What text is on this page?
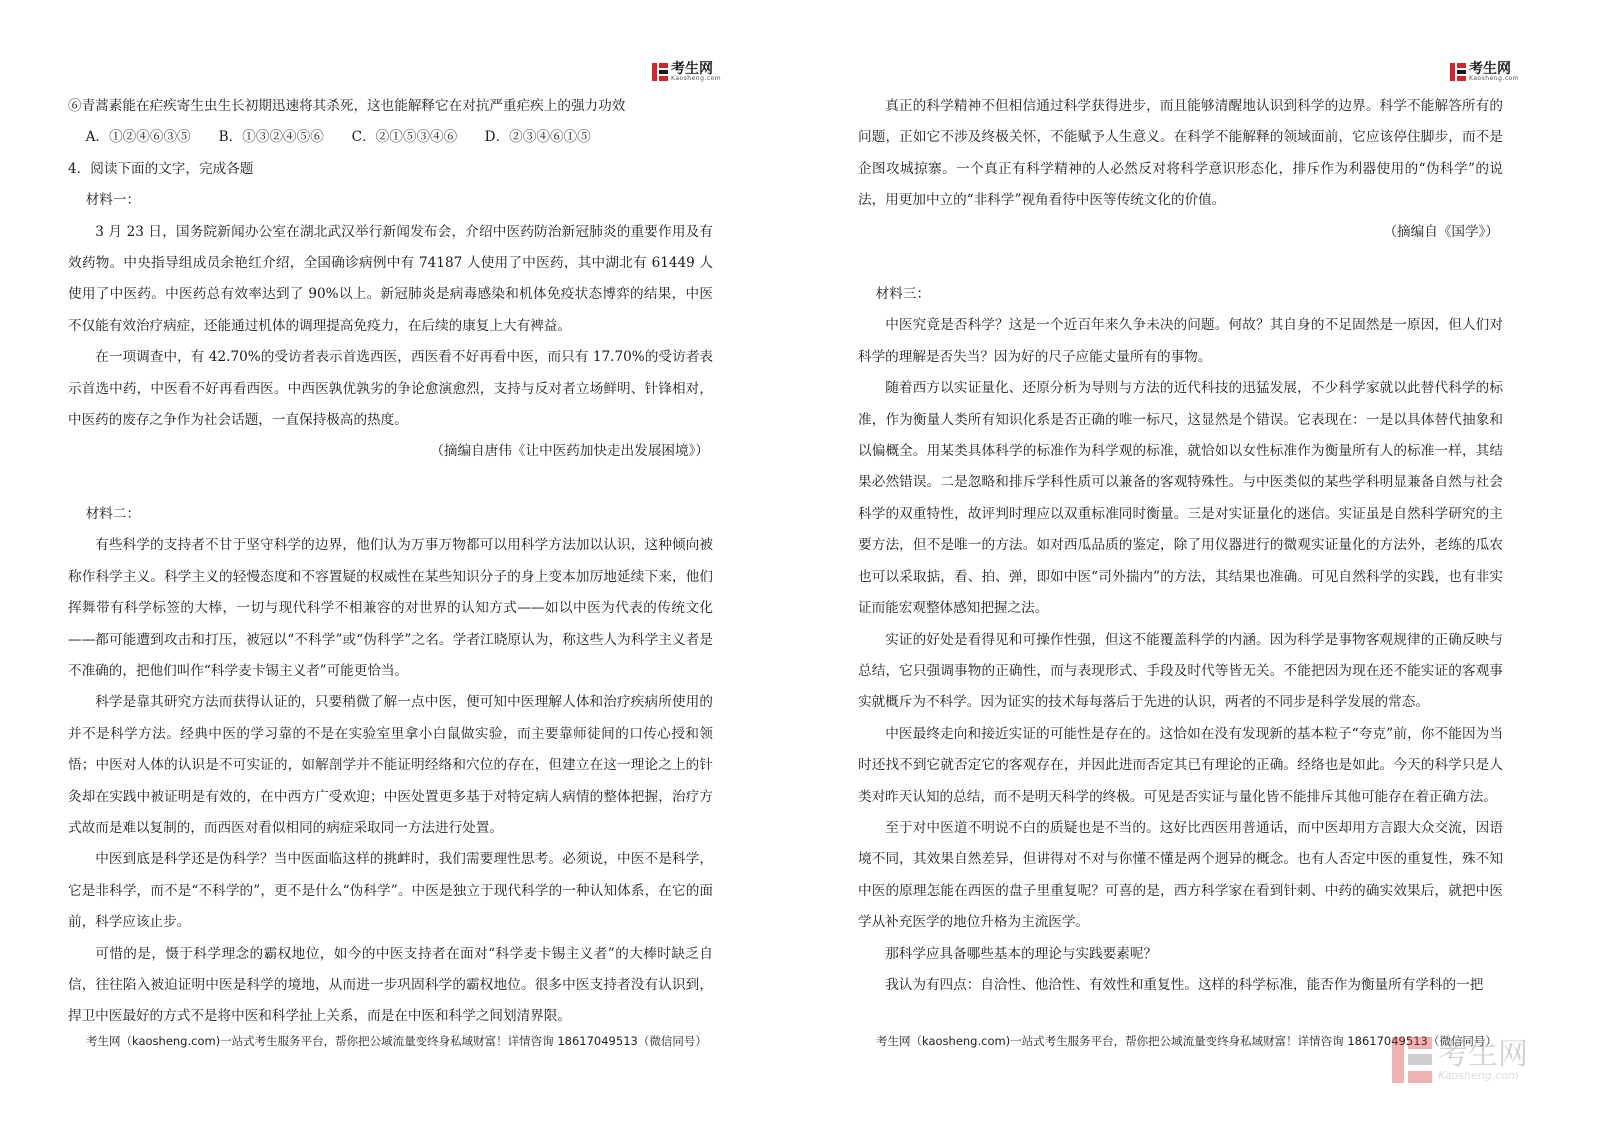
考生网
Kaosheng.com

⑥青蒿素能在疟疾寄生虫生长初期迅速将其杀死，这也能解释它在对抗严重疟疾上的强力功效

A．①②④⑥③⑤	B．①③②④⑤⑥	C．②①⑤③④⑥	D．②③④⑥①⑤

4．阅读下面的文字，完成各题

材料一：

3 月 23 日，国务院新闻办公室在湖北武汉举行新闻发布会，介绍中医药防治新冠肺炎的重要作用及有效药物。中央指导组成员余艳红介绍，全国确诊病例中有 74187 人使用了中医药，其中湖北有 61449 人使用了中医药。中医药总有效率达到了 90%以上。新冠肺炎是病毒感染和机体免疫状态博弈的结果，中医不仅能有效治疗病症，还能通过机体的调理提高免疫力，在后续的康复上大有裨益。

在一项调查中，有 42.70%的受访者表示首选西医，西医看不好再看中医，而只有 17.70%的受访者表示首选中药，中医看不好再看西医。中西医孰优孰劣的争论愈演愈烈，支持与反对者立场鲜明、针锋相对，中医药的废存之争作为社会话题，一直保持极高的热度。

（摘编自唐伟《让中医药加快走出发展困境》）

材料二：

有些科学的支持者不甘于坚守科学的边界，他们认为万事万物都可以用科学方法加以认识，这种倾向被称作科学主义。科学主义的轻慢态度和不容置疑的权威性在某些知识分子的身上变本加厉地延续下来，他们挥舞带有科学标签的大棒，一切与现代科学不相兼容的对世界的认知方式——如以中医为代表的传统文化——都可能遭到攻击和打压，被冠以“不科学”或“伪科学”之名。学者江晓原认为，称这些人为科学主义者是不准确的，把他们叫作“科学麦卡锡主义者”可能更恰当。

科学是靠其研究方法而获得认证的，只要稍微了解一点中医，便可知中医理解人体和治疗疾病所使用的并不是科学方法。经典中医的学习靠的不是在实验室里拿小白鼠做实验，而主要靠师徒间的口传心授和领悟；中医对人体的认识是不可实证的，如解剖学并不能证明经络和穴位的存在，但建立在这一理论之上的针灸却在实践中被证明是有效的，在中西方广受欢迎；中医处置更多基于对特定病人病情的整体把握，治疗方式故而是难以复制的，而西医对看似相同的病症采取同一方法进行处置。

中医到底是科学还是伪科学？当中医面临这样的挑衅时，我们需要理性思考。必须说，中医不是科学，它是非科学，而不是“不科学的”，更不是什么“伪科学”。中医是独立于现代科学的一种认知体系，在它的面前，科学应该止步。

可惜的是，慑于科学理念的霸权地位，如今的中医支持者在面对“科学麦卡锡主义者”的大棒时缺乏自信，往往陷入被迫证明中医是科学的境地，从而进一步巩固科学的霸权地位。很多中医支持者没有认识到，捍卫中医最好的方式不是将中医和科学扯上关系，而是在中医和科学之间划清界限。

考生网（kaosheng.com)一站式考生服务平台，帮你把公域流量变终身私域财富！详情咨询 18617049513（微信同号）
考生网
Kaosheng.com

真正的科学精神不但相信通过科学获得进步，而且能够清醒地认识到科学的边界。科学不能解答所有的问题，正如它不涉及终极关怀，不能赋予人生意义。在科学不能解释的领域面前，它应该停住脚步，而不是企图攻城掠寨。一个真正有科学精神的人必然反对将科学意识形态化，排斥作为利器使用的“伪科学”的说法，用更加中立的“非科学”视角看待中医等传统文化的价值。

（摘编自《国学》）

材料三：

中医究竟是否科学？这是一个近百年来久争未决的问题。何故？其自身的不足固然是一原因，但人们对科学的理解是否失当？因为好的尺子应能丈量所有的事物。

随着西方以实证量化、还原分析为导则与方法的近代科技的迅猛发展，不少科学家就以此替代科学的标准，作为衡量人类所有知识化系是否正确的唯一标尺，这显然是个错误。它表现在：一是以具体替代抽象和以偏概全。用某类具体科学的标准作为科学观的标准，就恰如以女性标准作为衡量所有人的标准一样，其结果必然错误。二是忽略和排斥学科性质可以兼备的客观特殊性。与中医类似的某些学科明显兼备自然与社会科学的双重特性，故评判时理应以双重标准同时衡量。三是对实证量化的迷信。实证虽是自然科学研究的主要方法，但不是唯一的方法。如对西瓜品质的鉴定，除了用仪器进行的微观实证量化的方法外，老练的瓜农也可以采取掂，看、拍、弹，即如中医“司外揣内”的方法，其结果也准确。可见自然科学的实践，也有非实证而能宏观整体感知把握之法。

实证的好处是看得见和可操作性强，但这不能覆盖科学的内涵。因为科学是事物客观规律的正确反映与总结，它只强调事物的正确性，而与表现形式、手段及时代等皆无关。不能把因为现在还不能实证的客观事实就概斥为不科学。因为证实的技术每每落后于先进的认识，两者的不同步是科学发展的常态。

中医最终走向和接近实证的可能性是存在的。这恰如在没有发现新的基本粒子“夸克”前，你不能因为当时还找不到它就否定它的客观存在，并因此进而否定其已有理论的正确。经络也是如此。今天的科学只是人类对昨天认知的总结，而不是明天科学的终极。可见是否实证与量化皆不能排斥其他可能存在着正确方法。

至于对中医道不明说不白的质疑也是不当的。这好比西医用普通话，而中医却用方言跟大众交流，因语境不同，其效果自然差异，但讲得对不对与你懂不懂是两个迥异的概念。也有人否定中医的重复性，殊不知中医的原理怎能在西医的盘子里重复呢？可喜的是，西方科学家在看到针刺、中药的确实效果后，就把中医学从补充医学的地位升格为主流医学。

那科学应具备哪些基本的理论与实践要素呢？

我认为有四点：自洽性、他洽性、有效性和重复性。这样的科学标准，能否作为衡量所有学科的一把

考生网（kaosheng.com)一站式考生服务平台，帮你把公域流量变终身私域财富！详情咨询 18617049513（微信同号）
考生网
Kaosheng.com
